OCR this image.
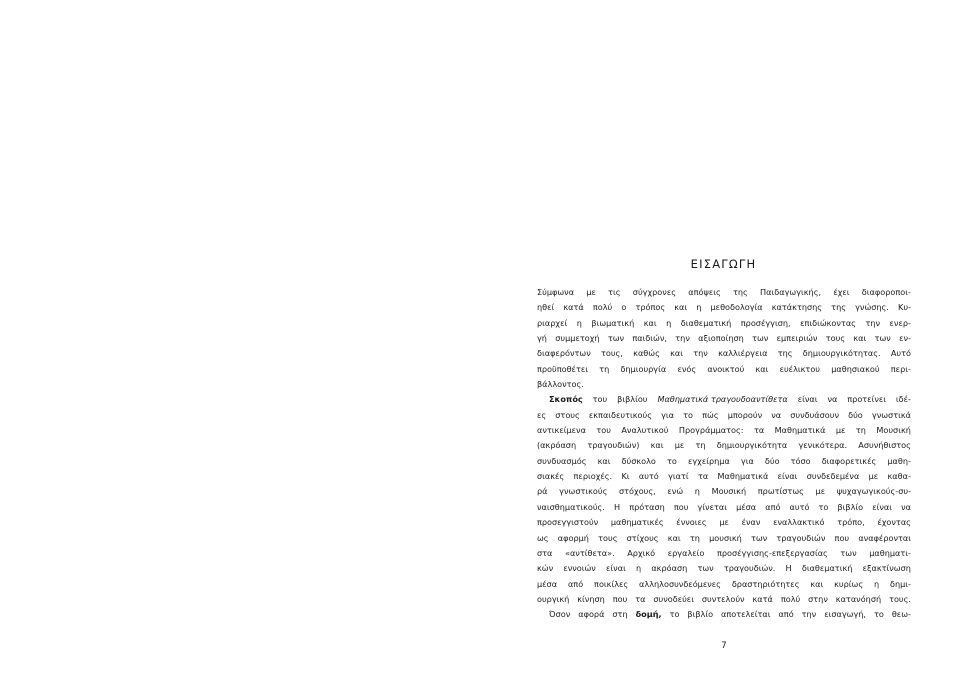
ΕΙΣΑΓΩΓΗ
Σύμφωνα με τις σύγχρονες απόψεις της Παιδαγωγικής, έχει διαφοροποι-
ηθεί κατά πολύ ο τρόπος και η μεθοδολογία κατάκτησης της γνώσης. Κυ-
ριαρχεί η βιωματική και η διαθεματική προσέγγιση, επιδιώκοντας την ενερ-
γή συμμετοχή των παιδιών, την αξιοποίηση των εμπειριών τους και των εν-
διαφερόντων τους, καθώς και την καλλιέργεια της δημιουργικότητας. Αυτό
προϋποθέτει τη δημιουργία ενός ανοικτού και ευέλικτου μαθησιακού περι-
βάλλοντος.
Σκοπός του βιβλίου Μαθηματικά τραγουδοαντίθετα είναι να προτείνει ιδέ-
ες στους εκπαιδευτικούς για το πώς μπορούν να συνδυάσουν δύο γνωστικά
αντικείμενα του Αναλυτικού Προγράμματος: τα Μαθηματικά με τη Μουσική
(ακρόαση τραγουδιών) και με τη δημιουργικότητα γενικότερα. Ασυνήθιστος
συνδυασμός και δύσκολο το εγχείρημα για δύο τόσο διαφορετικές μαθη-
σιακές περιοχές. Κι αυτό γιατί τα Μαθηματικά είναι συνδεδεμένα με καθα-
ρά γνωστικούς στόχους, ενώ η Μουσική πρωτίστως με ψυχαγωγικούς-συ-
ναισθηματικούς. Η πρόταση που γίνεται μέσα από αυτό το βιβλίο είναι να
προσεγγιστούν μαθηματικές έννοιες με έναν εναλλακτικό τρόπο, έχοντας
ως αφορμή τους στίχους και τη μουσική των τραγουδιών που αναφέρονται
στα «αντίθετα». Αρχικό εργαλείο προσέγγισης-επεξεργασίας των μαθηματι-
κών εννοιών είναι η ακρόαση των τραγουδιών. Η διαθεματική εξακτίνωση
μέσα από ποικίλες αλληλοσυνδεόμενες δραστηριότητες και κυρίως η δημι-
ουργική κίνηση που τα συνοδεύει συντελούν κατά πολύ στην κατανόησή τους.
Όσον αφορά στη δομή, το βιβλίο αποτελείται από την εισαγωγή, το θεω-
7
